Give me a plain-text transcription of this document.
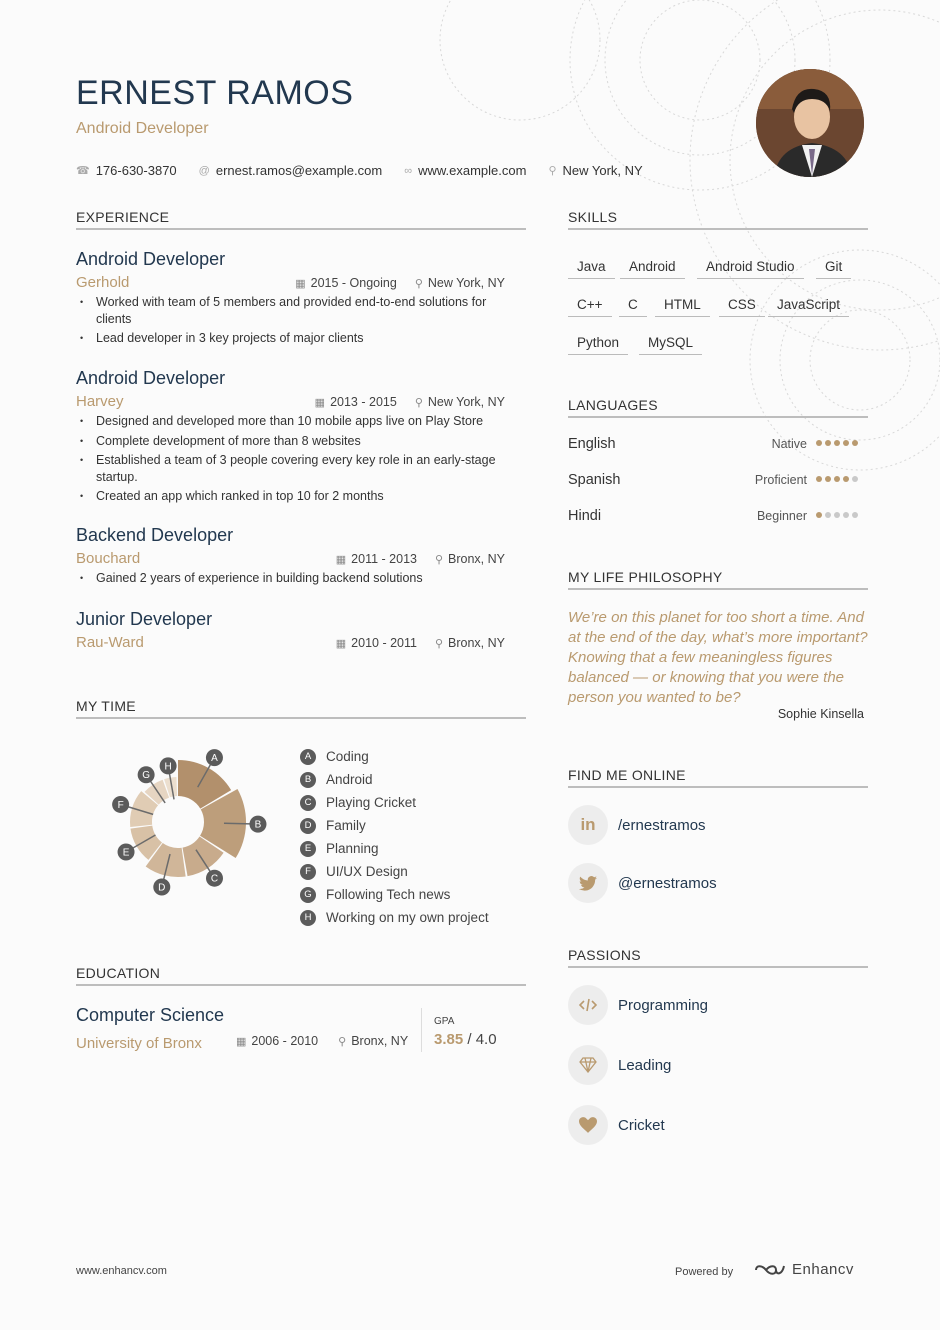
ERNEST RAMOS
Android Developer
☎ 176-630-3870 @ ernest.ramos@example.com ∞ www.example.com ⚲ New York, NY
EXPERIENCE
Android Developer
Gerhold	▦ 2015 - Ongoing ⚲ New York, NY
• Worked with team of 5 members and provided end-to-end solutions for clients
• Lead developer in 3 key projects of major clients
Android Developer
Harvey	▦ 2013 - 2015 ⚲ New York, NY
• Designed and developed more than 10 mobile apps live on Play Store
• Complete development of more than 8 websites
• Established a team of 3 people covering every key role in an early-stage startup.
• Created an app which ranked in top 10 for 2 months
Backend Developer
Bouchard	▦ 2011 - 2013 ⚲ Bronx, NY
• Gained 2 years of experience in building backend solutions
Junior Developer
Rau-Ward	▦ 2010 - 2011 ⚲ Bronx, NY
MY TIME
A
B
C
D
E
F
G
H
A	Coding
B	Android
C	Playing Cricket
D	Family
E	Planning
F	UI/UX Design
G	Following Tech news
H	Working on my own project
EDUCATION
Computer Science
University of Bronx	▦ 2006 - 2010 ⚲ Bronx, NY
GPA
3.85 / 4.0
SKILLS
Java	Android	Android Studio	Git
C++	C	HTML	CSS	JavaScript
Python	MySQL
LANGUAGES
English	Native
Spanish	Proficient
Hindi	Beginner
MY LIFE PHILOSOPHY
We’re on this planet for too short a time. And at the end of the day, what’s more important? Knowing that a few meaningless figures balanced — or knowing that you were the person you wanted to be?
Sophie Kinsella
FIND ME ONLINE
in /ernestramos
@ernestramos
PASSIONS
Programming
Leading
Cricket
www.enhancv.com	Powered by	Enhancv
